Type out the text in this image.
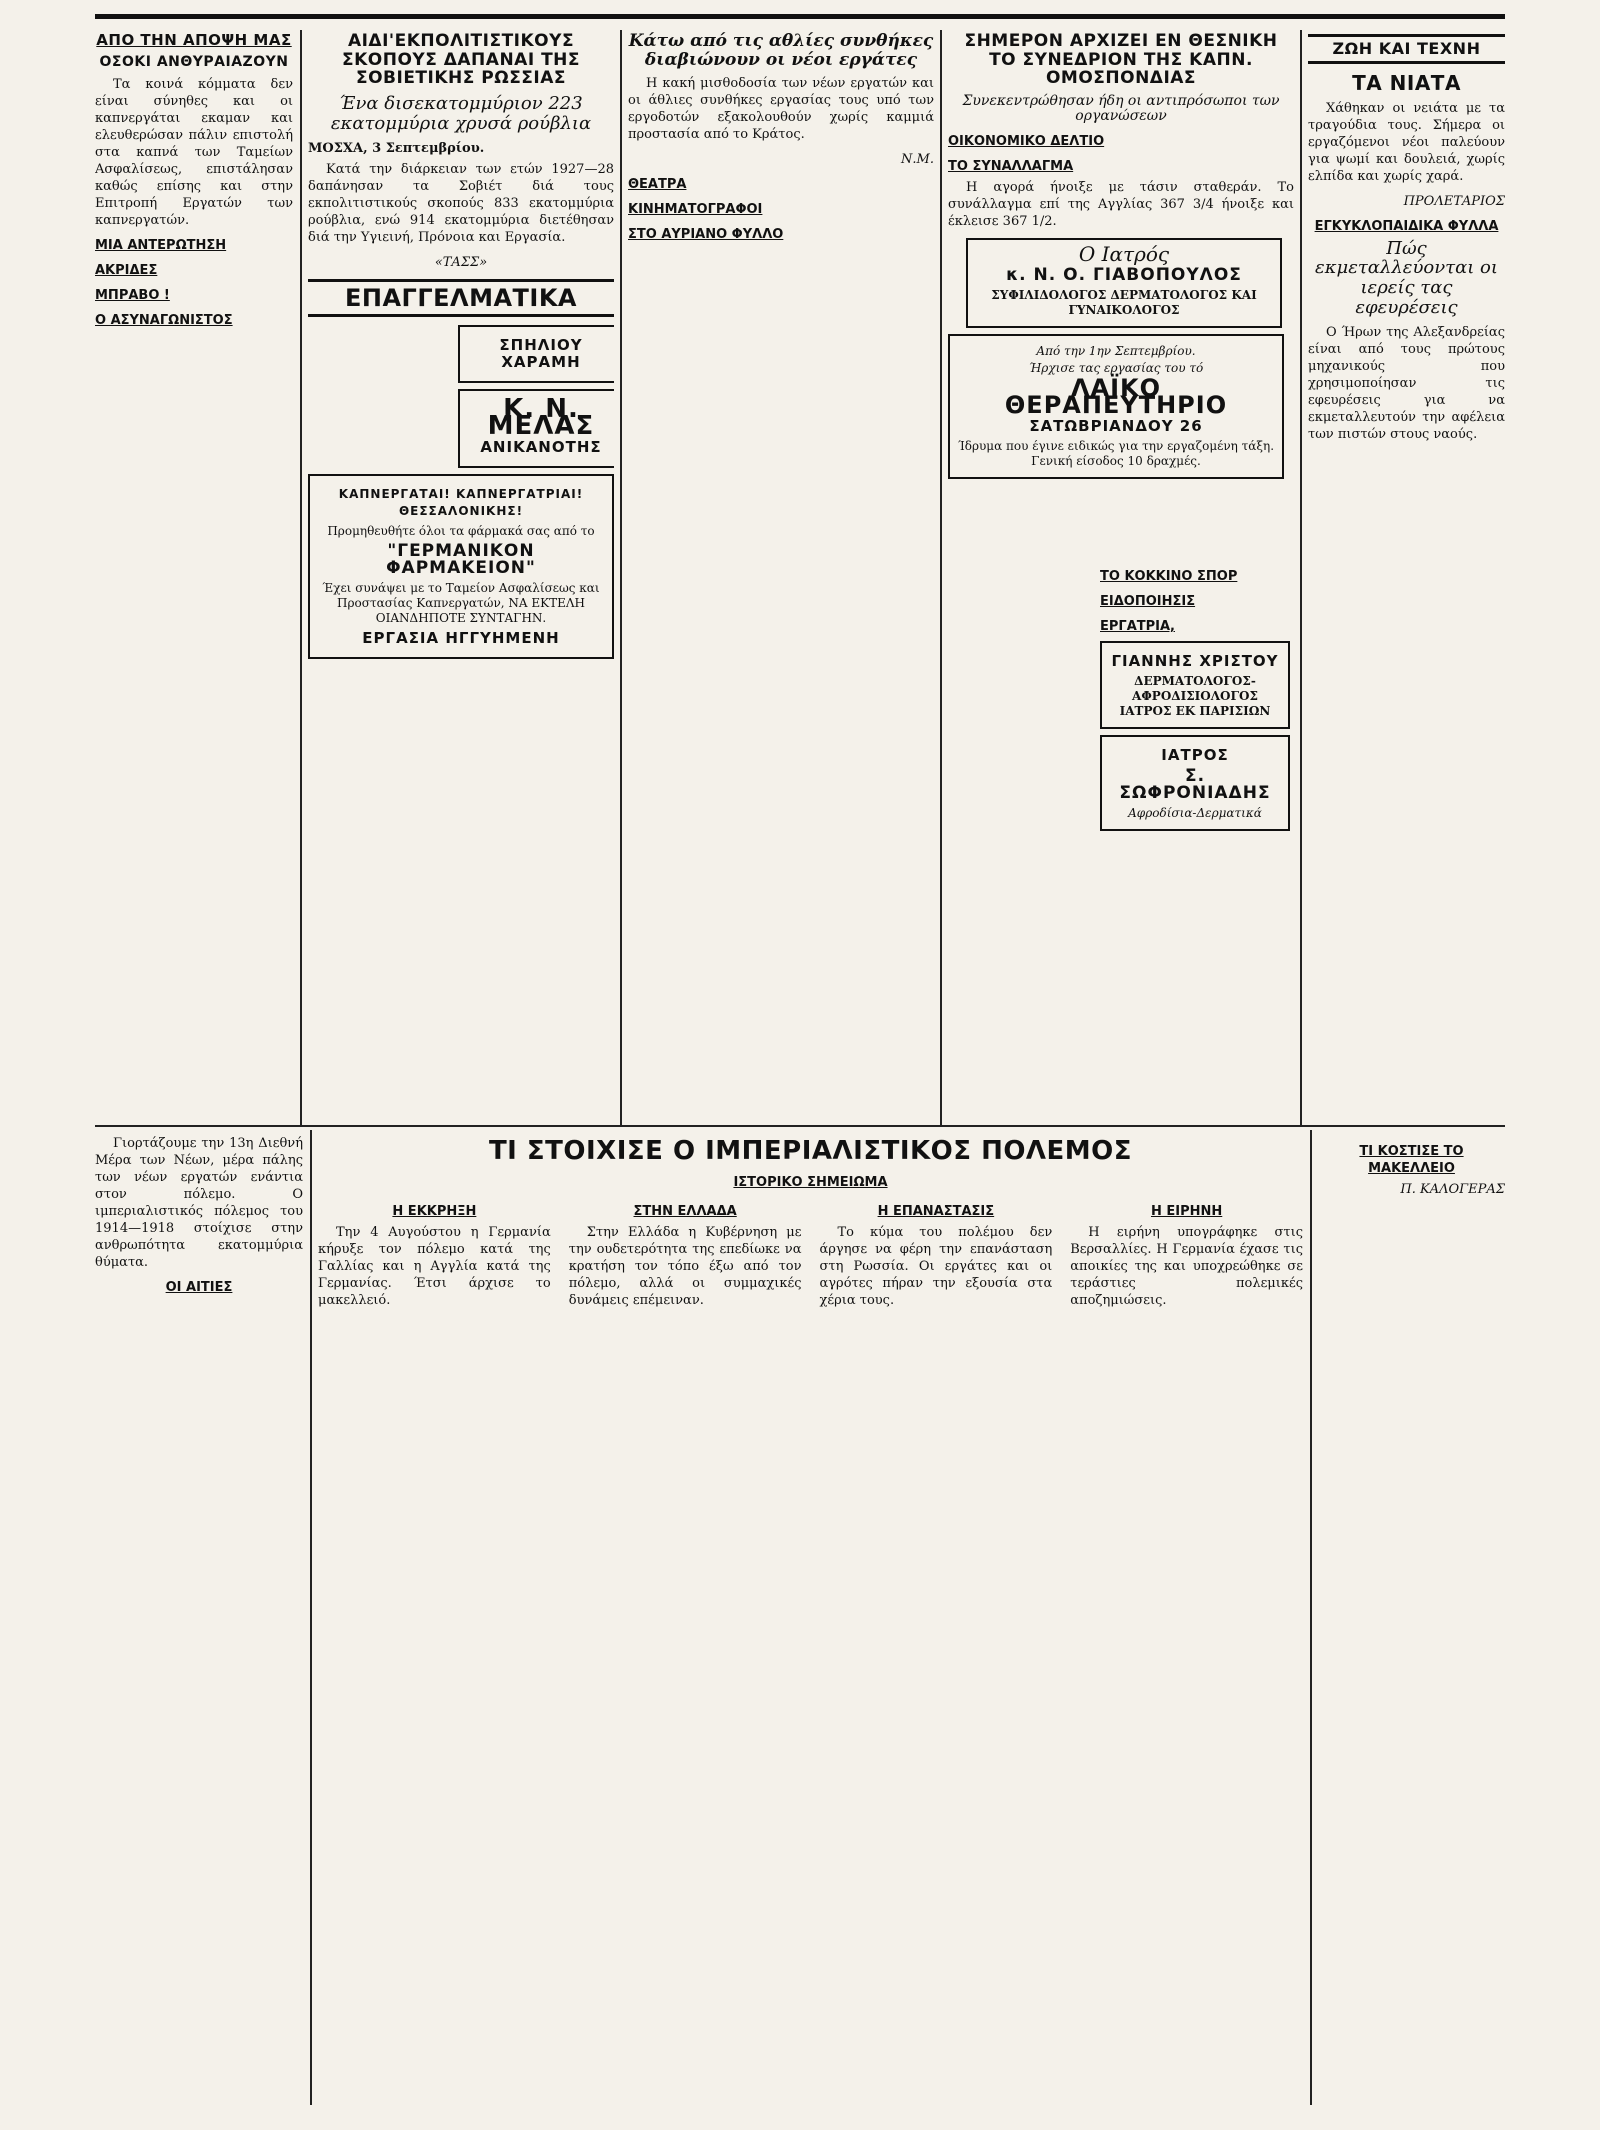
ΑΠΟ ΤΗΝ ΑΠΟΨΗ ΜΑΣ
ΟΣΟΚΙ ΑΝΘΥΡΑΙΑΖΟΥΝ

Τα κοινά κόμματα δεν είναι σύνηθες και οι καπνεργάται εκαμαν και ελευθερώσαν πάλιν επιστολή στα καπνά των Ταμείων Ασφαλίσεως, επιστάλησαν καθώς επίσης και στην Επιτροπή Εργατών των καπνεργατών.

ΜΙΑ ΑΝΤΕΡΩΤΗΣΗ
ΑΚΡΙΔΕΣ
ΜΠΡΑΒΟ !
Ο ΑΣΥΝΑΓΩΝΙΣΤΟΣ
ΑΙΔΙ'ΕΚΠΟΛΙΤΙΣΤΙΚΟΥΣ ΣΚΟΠΟΥΣ ΔΑΠΑΝΑΙ ΤΗΣ ΣΟΒΙΕΤΙΚΗΣ ΡΩΣΣΙΑΣ
Ένα δισεκατομμύριον 223 εκατομμύρια χρυσά ρούβλια
ΜΟΣΧΑ, 3 Σεπτεμβρίου.

Κατά την διάρκειαν των ετών 1927—28 δαπάνησαν τα Σοβιέτ διά τους εκπολιτιστικούς σκοπούς 833 εκατομμύρια ρούβλια, ενώ 914 εκατομμύρια διετέθησαν διά την Υγιεινή, Πρόνοια και Εργασία.

«ΤΑΣΣ»
ΕΠΑΓΓΕΛΜΑΤΙΚΑ
ΣΠΗΛΙΟΥ ΧΑΡΑΜΗ
Κ. Ν. ΜΕΛΑΣ
ΑΝΙΚΑΝΟΤΗΣ
ΚΑΠΝΕΡΓΑΤΑΙ! ΚΑΠΝΕΡΓΑΤΡΙΑΙ! ΘΕΣΣΑΛΟΝΙΚΗΣ!
Προμηθευθήτε όλοι τα φάρμακά σας από το
"ΓΕΡΜΑΝΙΚΟΝ ΦΑΡΜΑΚΕΙΟΝ"
Έχει συνάψει με το Ταμείον Ασφαλίσεως και Προστασίας Καπνεργατών, ΝΑ ΕΚΤΕΛΗ ΟΙΑΝΔΗΠΟΤΕ ΣΥΝΤΑΓΗΝ.
ΕΡΓΑΣΙΑ ΗΓΓΥΗΜΕΝΗ
Κάτω από τις αθλίες συνθήκες διαβιώνουν οι νέοι εργάτες

Η κακή μισθοδοσία των νέων εργατών και οι άθλιες συνθήκες εργασίας τους υπό των εργοδοτών εξακολουθούν χωρίς καμμιά προστασία από το Κράτος.

Ν.Μ.
ΘΕΑΤΡΑ
ΚΙΝΗΜΑΤΟΓΡΑΦΟΙ
ΣΤΟ ΑΥΡΙΑΝΟ ΦΥΛΛΟ
ΣΗΜΕΡΟΝ ΑΡΧΙΖΕΙ ΕΝ ΘΕΣΝΙΚΗ ΤΟ ΣΥΝΕΔΡΙΟΝ ΤΗΣ ΚΑΠΝ. ΟΜΟΣΠΟΝΔΙΑΣ
Συνεκεντρώθησαν ήδη οι αντιπρόσωποι των οργανώσεων
ΟΙΚΟΝΟΜΙΚΟ ΔΕΛΤΙΟ
ΤΟ ΣΥΝΑΛΛΑΓΜΑ

Η αγορά ήνοιξε με τάσιν σταθεράν. Το συνάλλαγμα επί της Αγγλίας 367 3/4 ήνοιξε και έκλεισε 367 1/2.

Ο Ιατρός
κ. Ν. Ο. ΓΙΑΒΟΠΟΥΛΟΣ
ΣΥΦΙΛΙΔΟΛΟΓΟΣ ΔΕΡΜΑΤΟΛΟΓΟΣ ΚΑΙ ΓΥΝΑΙΚΟΛΟΓΟΣ
Από την 1ην Σεπτεμβρίου.
Ήρχισε τας εργασίας του τό
ΛΑΪΚΟ ΘΕΡΑΠΕΥΤΗΡΙΟ
ΣΑΤΩΒΡΙΑΝΔΟΥ 26
Ίδρυμα που έγινε ειδικώς για την εργαζομένη τάξη. Γενική είσοδος 10 δραχμές.
ΖΩΗ ΚΑΙ ΤΕΧΝΗ
ΤΑ ΝΙΑΤΑ

Χάθηκαν οι νειάτα με τα τραγούδια τους. Σήμερα οι εργαζόμενοι νέοι παλεύουν για ψωμί και δουλειά, χωρίς ελπίδα και χωρίς χαρά.

ΠΡΟΛΕΤΑΡΙΟΣ
ΕΓΚΥΚΛΟΠΑΙΔΙΚΑ ΦΥΛΛΑ
Πώς εκμεταλλεύονται οι ιερείς τας εφευρέσεις

Ο Ήρων της Αλεξανδρείας είναι από τους πρώτους μηχανικούς που χρησιμοποίησαν τις εφευρέσεις για να εκμεταλλευτούν την αφέλεια των πιστών στους ναούς.

ΤΟ ΚΟΚΚΙΝΟ ΣΠΟΡ
ΕΙΔΟΠΟΙΗΣΙΣ
ΕΡΓΑΤΡΙΑ,
ΓΙΑΝΝΗΣ ΧΡΙΣΤΟΥ
ΔΕΡΜΑΤΟΛΟΓΟΣ-ΑΦΡΟΔΙΣΙΟΛΟΓΟΣ ΙΑΤΡΟΣ ΕΚ ΠΑΡΙΣΙΩΝ
ΙΑΤΡΟΣ
Σ. ΣΩΦΡΟΝΙΑΔΗΣ
Αφροδίσια-Δερματικά

Γιορτάζουμε την 13η Διεθνή Μέρα των Νέων, μέρα πάλης των νέων εργατών ενάντια στον πόλεμο. Ο ιμπεριαλιστικός πόλεμος του 1914—1918 στοίχισε στην ανθρωπότητα εκατομμύρια θύματα.

ΟΙ ΑΙΤΙΕΣ
ΤΙ ΣΤΟΙΧΙΣΕ Ο ΙΜΠΕΡΙΑΛΙΣΤΙΚΟΣ ΠΟΛΕΜΟΣ
ΙΣΤΟΡΙΚΟ ΣΗΜΕΙΩΜΑ
Η ΕΚΚΡΗΞΗ

Την 4 Αυγούστου η Γερμανία κήρυξε τον πόλεμο κατά της Γαλλίας και η Αγγλία κατά της Γερμανίας. Έτσι άρχισε το μακελλειό.

ΣΤΗΝ ΕΛΛΑΔΑ

Στην Ελλάδα η Κυβέρνηση με την ουδετερότητα της επεδίωκε να κρατήση τον τόπο έξω από τον πόλεμο, αλλά οι συμμαχικές δυνάμεις επέμειναν.

Η ΕΠΑΝΑΣΤΑΣΙΣ

Το κύμα του πολέμου δεν άργησε να φέρη την επανάσταση στη Ρωσσία. Οι εργάτες και οι αγρότες πήραν την εξουσία στα χέρια τους.

Η ΕΙΡΗΝΗ

Η ειρήνη υπογράφηκε στις Βερσαλλίες. Η Γερμανία έχασε τις αποικίες της και υποχρεώθηκε σε τεράστιες πολεμικές αποζημιώσεις.

ΤΙ ΚΟΣΤΙΣΕ ΤΟ ΜΑΚΕΛΛΕΙΟ
Π. ΚΑΛΟΓΕΡΑΣ
